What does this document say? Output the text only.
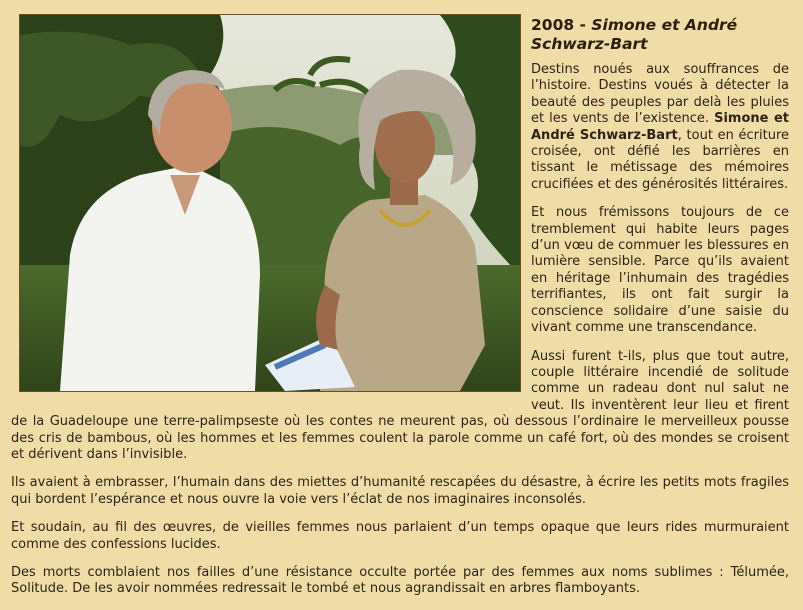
2008 - Simone et André Schwarz-Bart

Destins noués aux souffrances de l’histoire. Destins voués à détecter la beauté des peuples par delà les pluies et les vents de l’existence. Simone et André Schwarz-Bart, tout en écriture croisée, ont défié les barrières en tissant le métissage des mémoires crucifiées et des générosités littéraires.

Et nous frémissons toujours de ce tremblement qui habite leurs pages d’un vœu de commuer les blessures en lumière sensible. Parce qu’ils avaient en héritage l’inhumain des tragédies terrifiantes, ils ont fait surgir la conscience solidaire d’une saisie du vivant comme une transcendance.

Aussi furent t-ils, plus que tout autre, couple littéraire incendié de solitude comme un radeau dont nul salut ne veut. Ils inventèrent leur lieu et firent de la Guadeloupe une terre-palimpseste où les contes ne meurent pas, où dessous l’ordinaire le merveilleux pousse des cris de bambous, où les hommes et les femmes coulent la parole comme un café fort, où des mondes se croisent et dérivent dans l’invisible.

Ils avaient à embrasser, l’humain dans des miettes d’humanité rescapées du désastre, à écrire les petits mots fragiles qui bordent l’espérance et nous ouvre la voie vers l’éclat de nos imaginaires inconsolés.

Et soudain, au fil des œuvres, de vieilles femmes nous parlaient d’un temps opaque que leurs rides murmuraient comme des confessions lucides.

Des morts comblaient nos failles d’une résistance occulte portée par des femmes aux noms sublimes : Télumée, Solitude. De les avoir nommées redressait le tombé et nous agrandissait en arbres flamboyants.
